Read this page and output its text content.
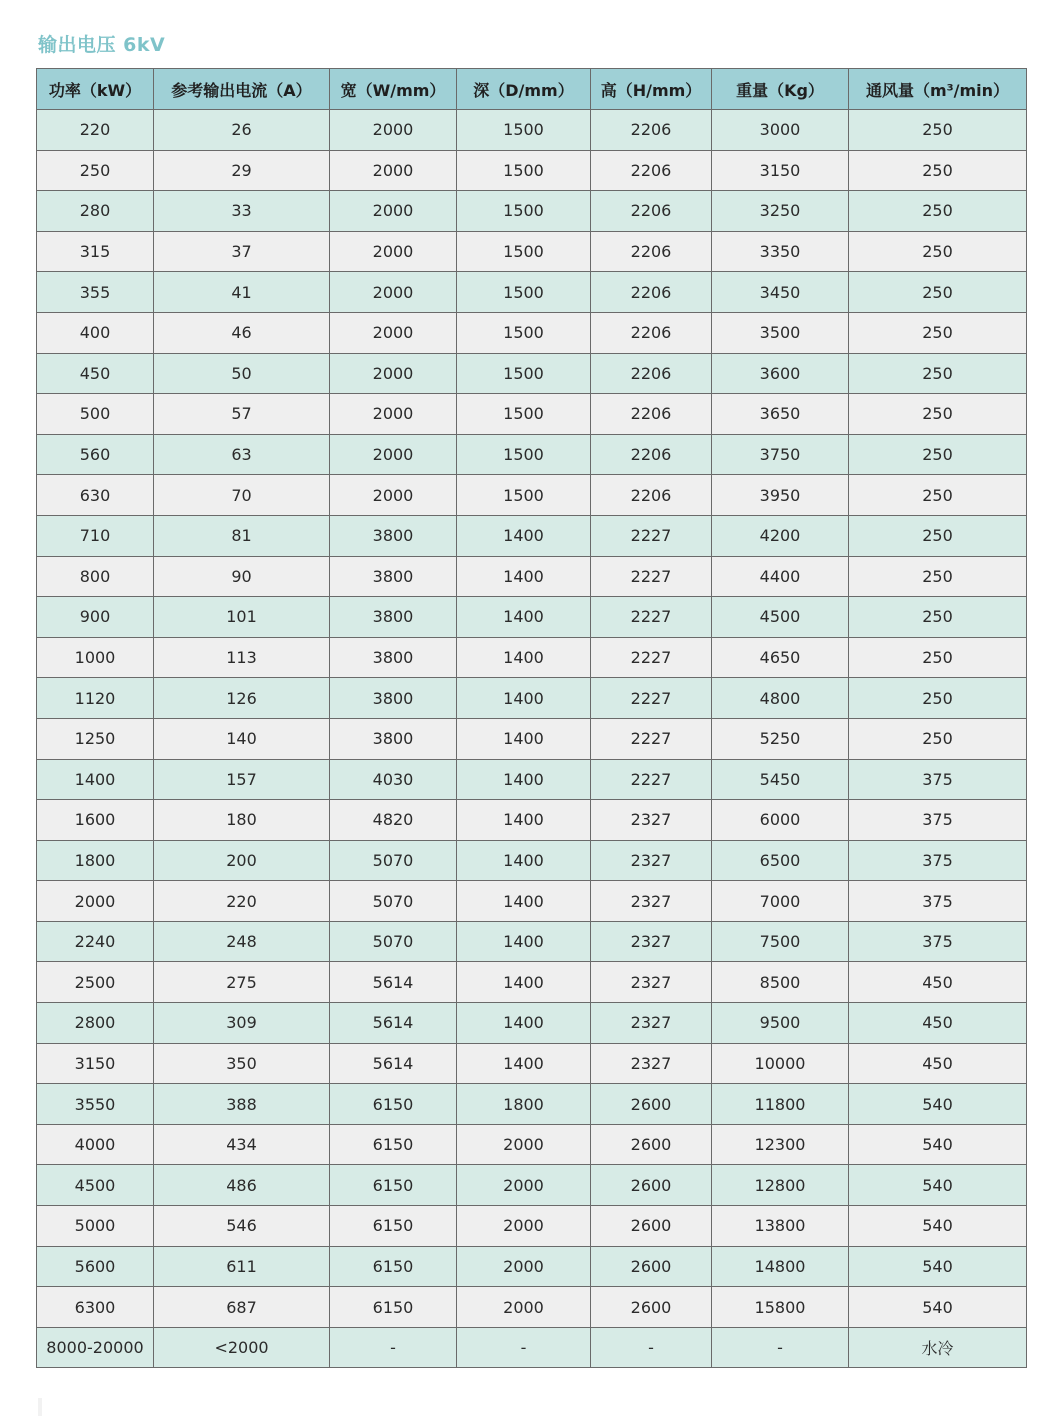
输出电压 6kV
功率（kW）	参考输出电流（A）	宽（W/mm）	深（D/mm）	高（H/mm）	重量（Kg）	通风量（m³/min）
220	26	2000	1500	2206	3000	250
250	29	2000	1500	2206	3150	250
280	33	2000	1500	2206	3250	250
315	37	2000	1500	2206	3350	250
355	41	2000	1500	2206	3450	250
400	46	2000	1500	2206	3500	250
450	50	2000	1500	2206	3600	250
500	57	2000	1500	2206	3650	250
560	63	2000	1500	2206	3750	250
630	70	2000	1500	2206	3950	250
710	81	3800	1400	2227	4200	250
800	90	3800	1400	2227	4400	250
900	101	3800	1400	2227	4500	250
1000	113	3800	1400	2227	4650	250
1120	126	3800	1400	2227	4800	250
1250	140	3800	1400	2227	5250	250
1400	157	4030	1400	2227	5450	375
1600	180	4820	1400	2327	6000	375
1800	200	5070	1400	2327	6500	375
2000	220	5070	1400	2327	7000	375
2240	248	5070	1400	2327	7500	375
2500	275	5614	1400	2327	8500	450
2800	309	5614	1400	2327	9500	450
3150	350	5614	1400	2327	10000	450
3550	388	6150	1800	2600	11800	540
4000	434	6150	2000	2600	12300	540
4500	486	6150	2000	2600	12800	540
5000	546	6150	2000	2600	13800	540
5600	611	6150	2000	2600	14800	540
6300	687	6150	2000	2600	15800	540
8000-20000	<2000	-	-	-	-	水冷
